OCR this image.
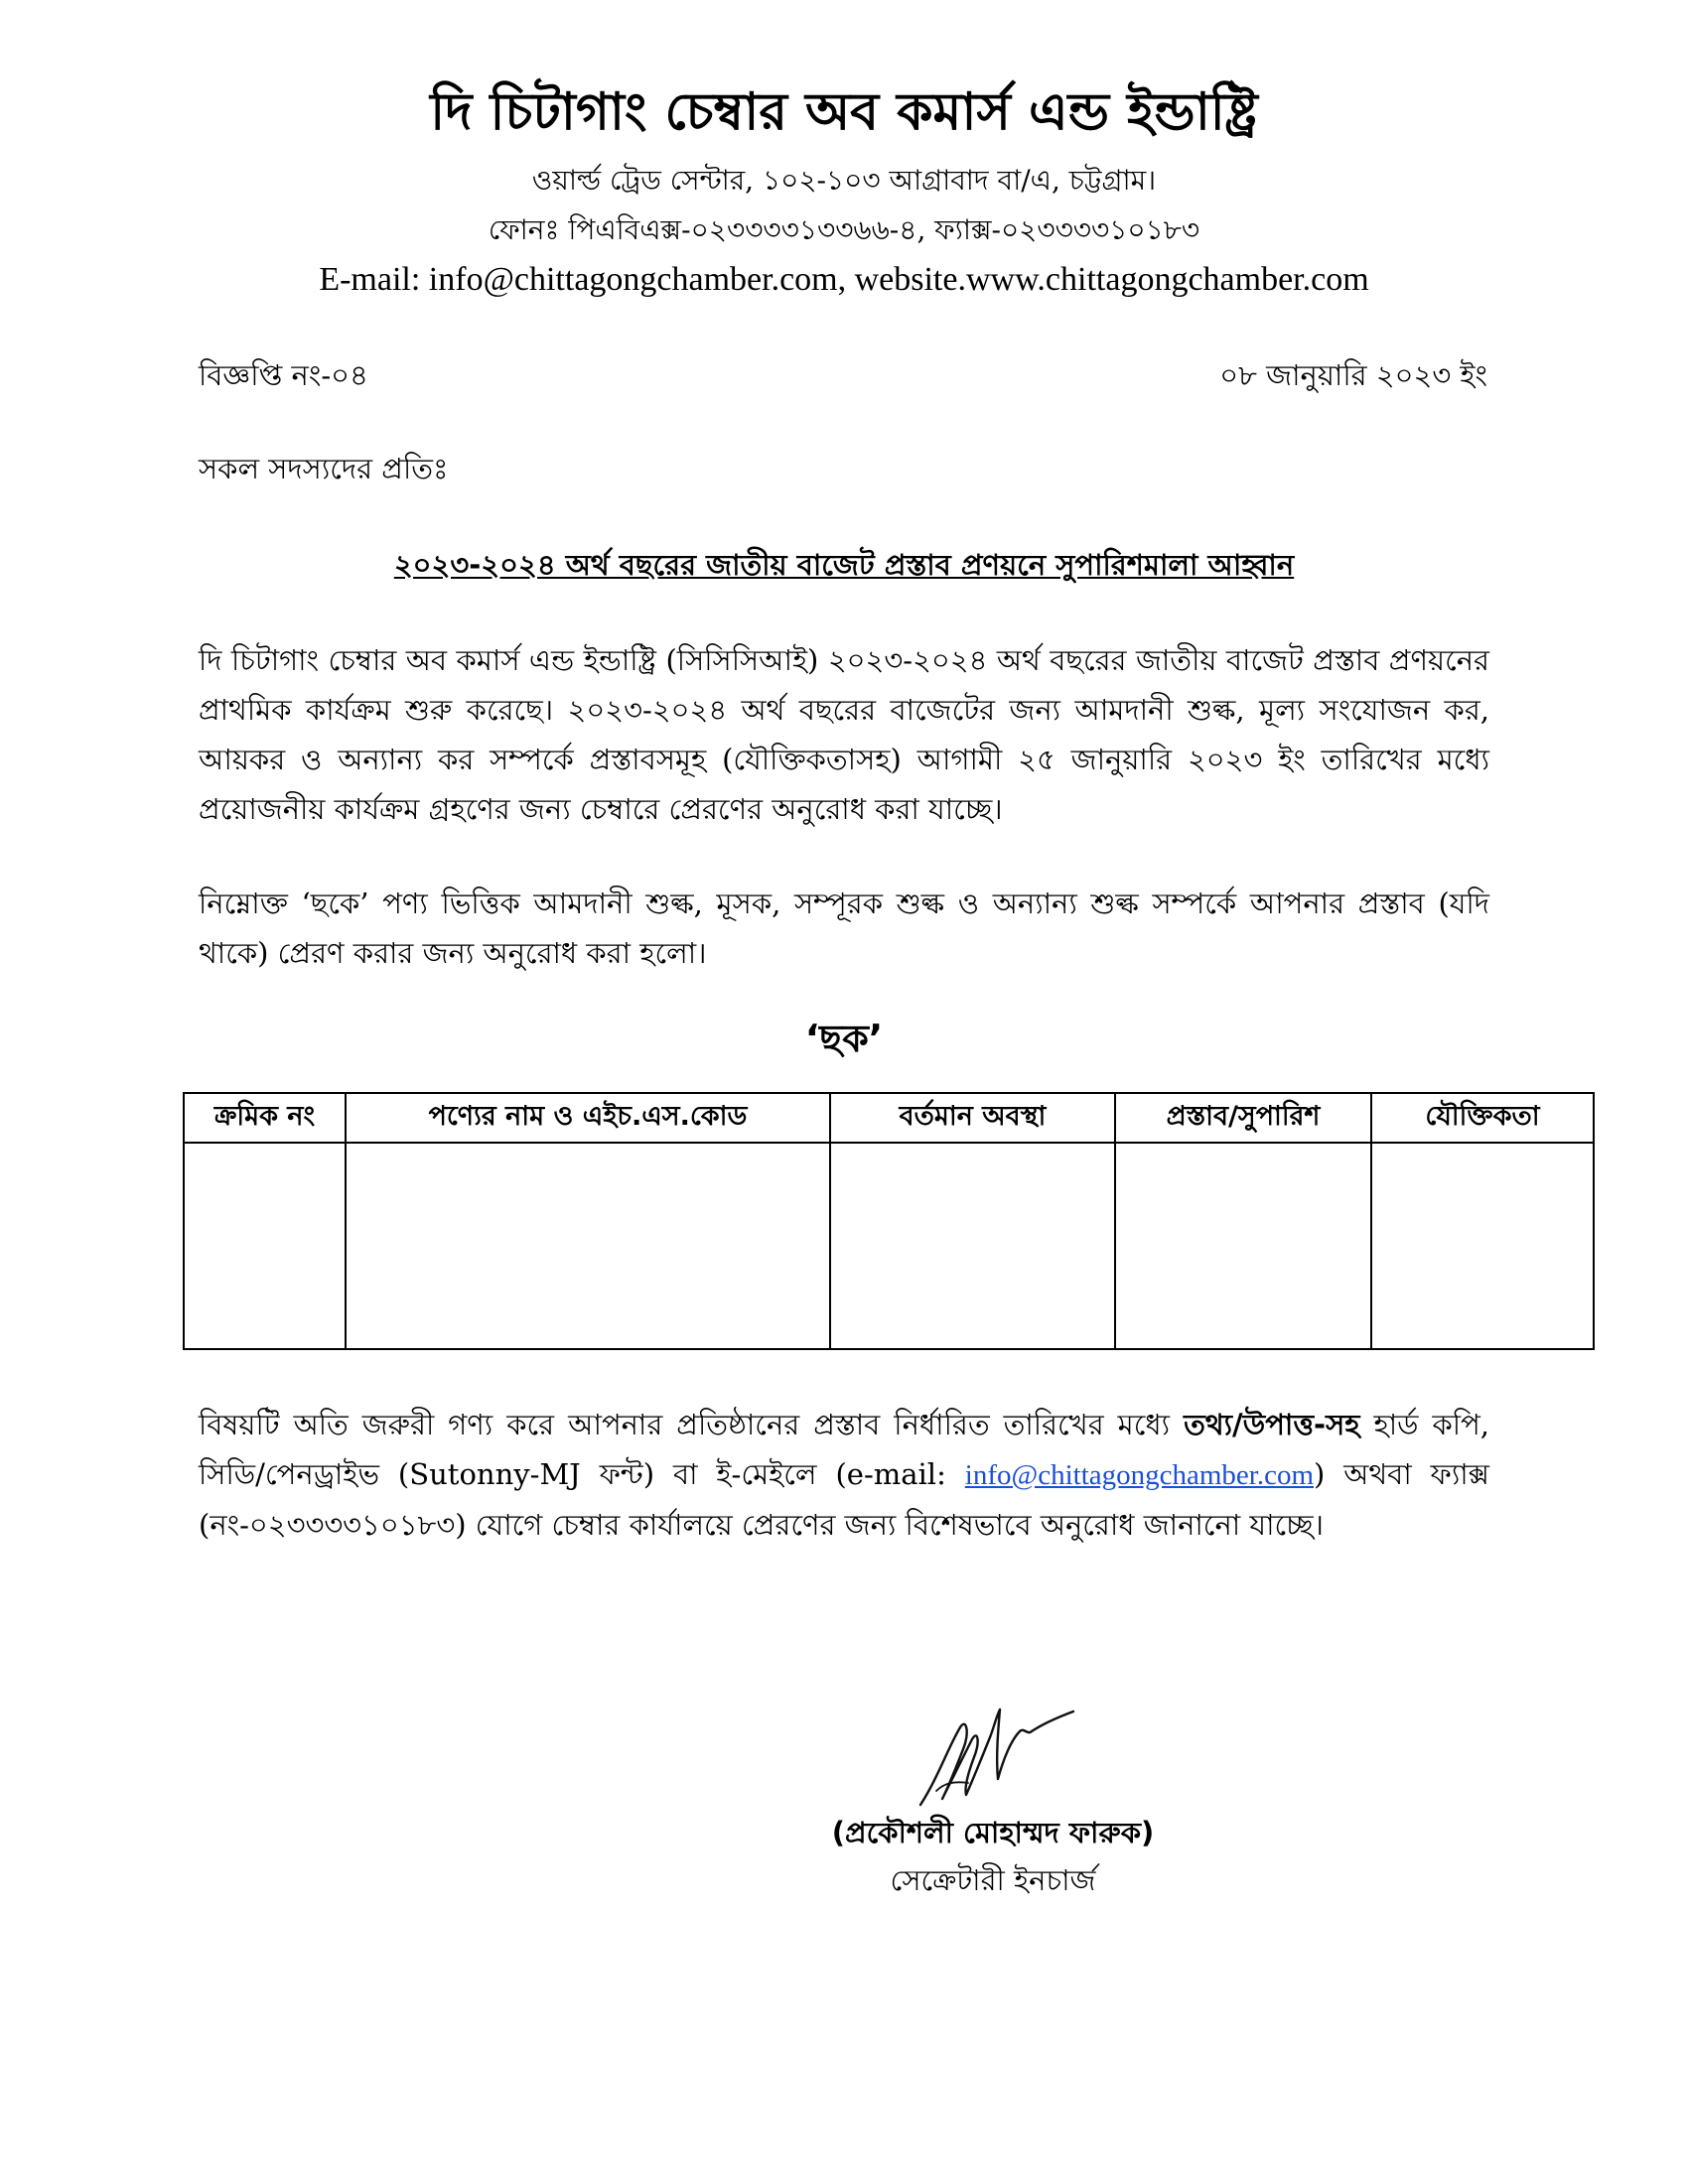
দি চিটাগাং চেম্বার অব কমার্স এন্ড ইন্ডাষ্ট্রি
ওয়ার্ল্ড ট্রেড সেন্টার, ১০২-১০৩ আগ্রাবাদ বা/এ, চট্টগ্রাম।
ফোনঃ পিএবিএক্স-০২৩৩৩৩১৩৩৬৬-৪, ফ্যাক্স-০২৩৩৩৩১০১৮৩
E-mail: info@chittagongchamber.com, website.www.chittagongchamber.com
বিজ্ঞপ্তি নং-০৪	০৮ জানুয়ারি ২০২৩ ইং
সকল সদস্যদের প্রতিঃ
২০২৩-২০২৪ অর্থ বছরের জাতীয় বাজেট প্রস্তাব প্রণয়নে সুপারিশমালা আহ্বান
দি চিটাগাং চেম্বার অব কমার্স এন্ড ইন্ডাষ্ট্রি (সিসিসিআই) ২০২৩-২০২৪ অর্থ বছরের জাতীয় বাজেট প্রস্তাব প্রণয়নের প্রাথমিক কার্যক্রম শুরু করেছে। ২০২৩-২০২৪ অর্থ বছরের বাজেটের জন্য আমদানী শুল্ক, মূল্য সংযোজন কর, আয়কর ও অন্যান্য কর সম্পর্কে প্রস্তাবসমূহ (যৌক্তিকতাসহ) আগামী ২৫ জানুয়ারি ২০২৩ ইং তারিখের মধ্যে প্রয়োজনীয় কার্যক্রম গ্রহণের জন্য চেম্বারে প্রেরণের অনুরোধ করা যাচ্ছে।
নিম্নোক্ত ‘ছকে’ পণ্য ভিত্তিক আমদানী শুল্ক, মূসক, সম্পূরক শুল্ক ও অন্যান্য শুল্ক সম্পর্কে আপনার প্রস্তাব (যদি থাকে) প্রেরণ করার জন্য অনুরোধ করা হলো।
‘ছক’
ক্রমিক নং	পণ্যের নাম ও এইচ.এস.কোড	বর্তমান অবস্থা	প্রস্তাব/সুপারিশ	যৌক্তিকতা

বিষয়টি অতি জরুরী গণ্য করে আপনার প্রতিষ্ঠানের প্রস্তাব নির্ধারিত তারিখের মধ্যে তথ্য/উপাত্ত-সহ হার্ড কপি, সিডি/পেনড্রাইভ (Sutonny-MJ ফন্ট) বা ই-মেইলে (e-mail: info@chittagongchamber.com) অথবা ফ্যাক্স (নং-০২৩৩৩৩১০১৮৩) যোগে চেম্বার কার্যালয়ে প্রেরণের জন্য বিশেষভাবে অনুরোধ জানানো যাচ্ছে।
(প্রকৌশলী মোহাম্মদ ফারুক)
সেক্রেটারী ইনচার্জ
